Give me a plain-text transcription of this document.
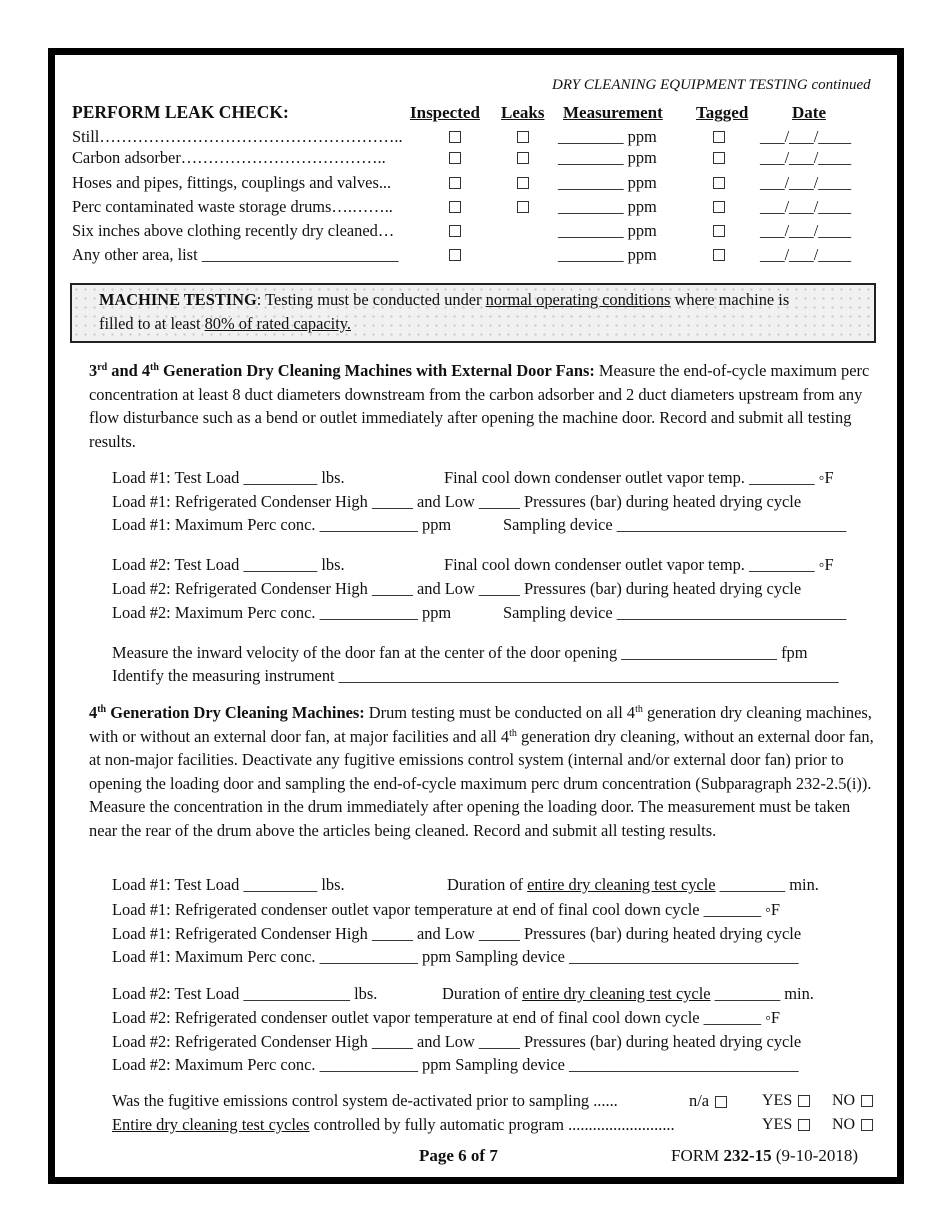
DRY CLEANING EQUIPMENT TESTING continued
PERFORM LEAK CHECK:	Inspected Leaks Measurement Tagged	Date
Still………………………………………………..	________ ppm	___/___/____
Carbon adsorber………………………………..	________ ppm	___/___/____
Hoses and pipes, fittings, couplings and valves...	________ ppm	___/___/____
Perc contaminated waste storage drums….……..	________ ppm	___/___/____
Six inches above clothing recently dry cleaned…	________ ppm	___/___/____
Any other area, list ________________________	________ ppm	___/___/____
MACHINE TESTING: Testing must be conducted under normal operating conditions where machine is
filled to at least 80% of rated capacity.
3rd and 4th Generation Dry Cleaning Machines with External Door Fans: Measure the end-of-cycle maximum perc concentration at least 8 duct diameters downstream from the carbon adsorber and 2 duct diameters upstream from any flow disturbance such as a bend or outlet immediately after opening the machine door. Record and submit all testing results.
Load #1: Test Load _________ lbs.	Final cool down condenser outlet vapor temp. ________ ◦F
Load #1: Refrigerated Condenser High _____ and Low _____ Pressures (bar) during heated drying cycle
Load #1: Maximum Perc conc. ____________ ppm	Sampling device ____________________________
Load #2: Test Load _________ lbs.	Final cool down condenser outlet vapor temp. ________ ◦F
Load #2: Refrigerated Condenser High _____ and Low _____ Pressures (bar) during heated drying cycle
Load #2: Maximum Perc conc. ____________ ppm	Sampling device ____________________________
Measure the inward velocity of the door fan at the center of the door opening ___________________ fpm
Identify the measuring instrument _____________________________________________________________
4th Generation Dry Cleaning Machines: Drum testing must be conducted on all 4th generation dry cleaning machines, with or without an external door fan, at major facilities and all 4th generation dry cleaning, without an external door fan, at non-major facilities. Deactivate any fugitive emissions control system (internal and/or external door fan) prior to opening the loading door and sampling the end-of-cycle maximum perc drum concentration (Subparagraph 232-2.5(i)). Measure the concentration in the drum immediately after opening the loading door. The measurement must be taken near the rear of the drum above the articles being cleaned. Record and submit all testing results.
Load #1: Test Load _________ lbs.	Duration of entire dry cleaning test cycle ________ min.
Load #1: Refrigerated condenser outlet vapor temperature at end of final cool down cycle _______ ◦F
Load #1: Refrigerated Condenser High _____ and Low _____ Pressures (bar) during heated drying cycle
Load #1: Maximum Perc conc. ____________ ppm Sampling device ____________________________
Load #2: Test Load _____________ lbs.	Duration of entire dry cleaning test cycle ________ min.
Load #2: Refrigerated condenser outlet vapor temperature at end of final cool down cycle _______ ◦F
Load #2: Refrigerated Condenser High _____ and Low _____ Pressures (bar) during heated drying cycle
Load #2: Maximum Perc conc. ____________ ppm Sampling device ____________________________
Was the fugitive emissions control system de-activated prior to sampling ......	n/a	YES	NO
Entire dry cleaning test cycles controlled by fully automatic program ..........................	YES	NO
Page 6 of 7	FORM 232-15 (9-10-2018)
